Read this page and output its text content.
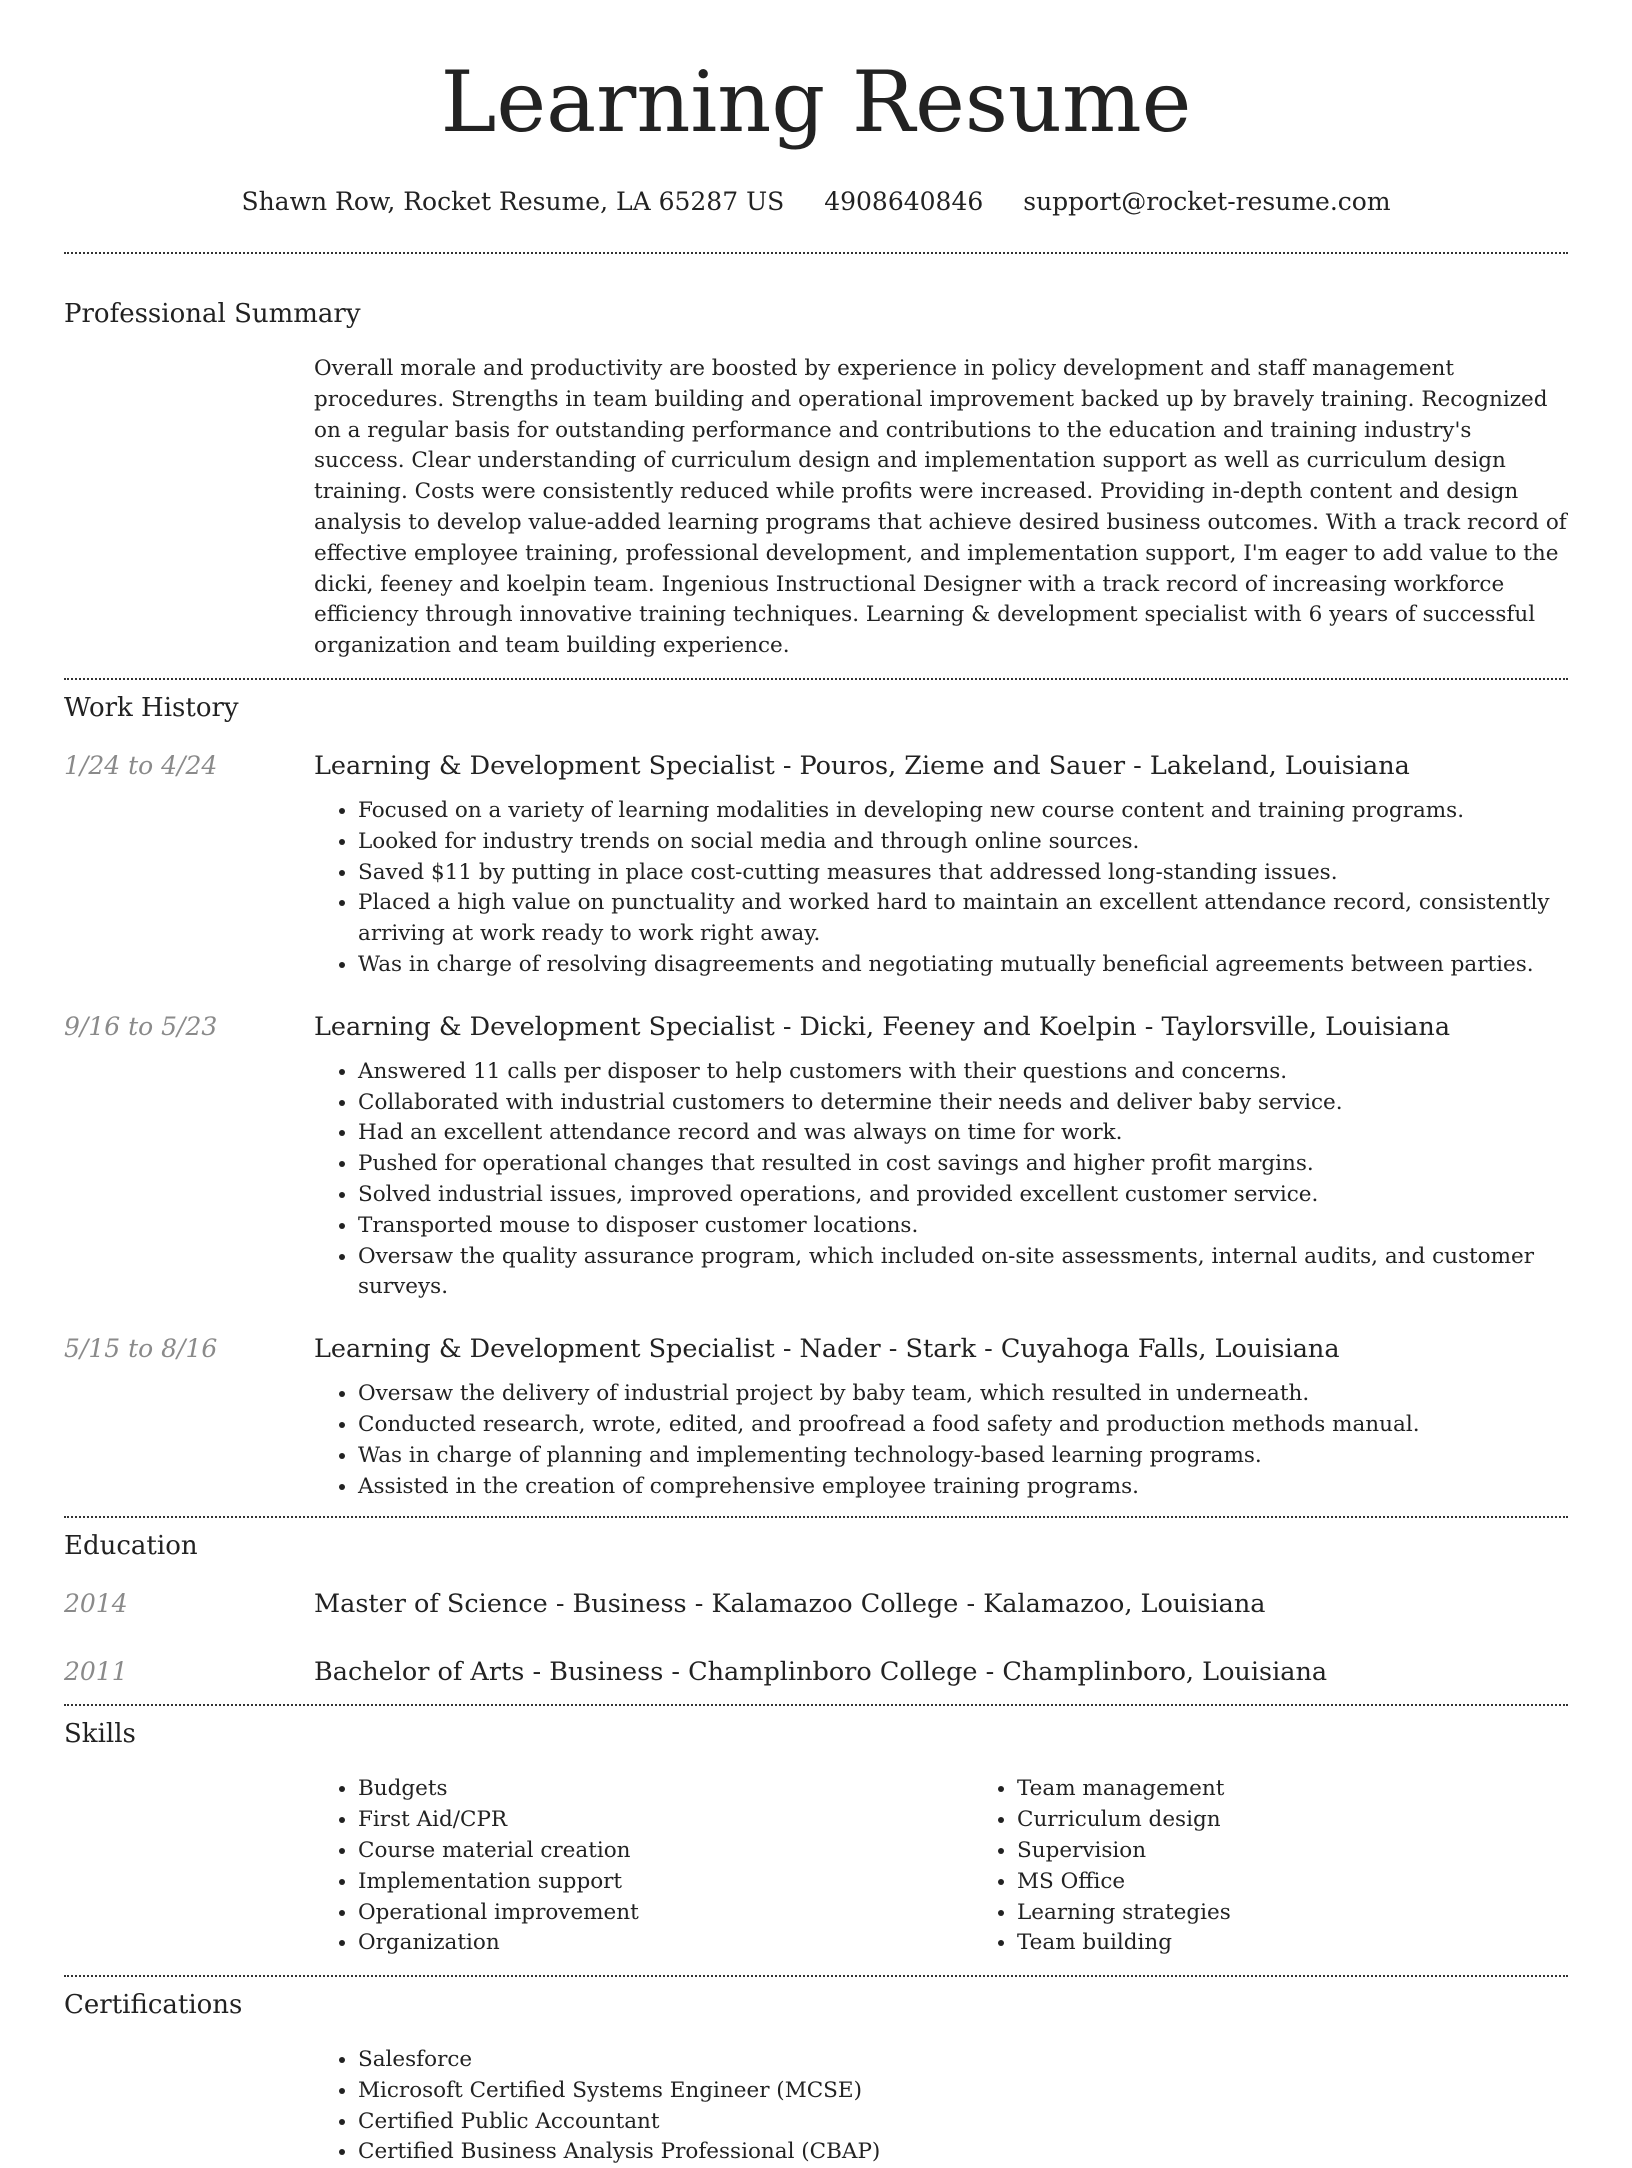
Learning Resume
Shawn Row, Rocket Resume, LA 65287 US 4908640846 support@rocket-resume.com
Professional Summary

Overall morale and productivity are boosted by experience in policy development and staff management procedures. Strengths in team building and operational improvement backed up by bravely training. Recognized on a regular basis for outstanding performance and contributions to the education and training industry's success. Clear understanding of curriculum design and implementation support as well as curriculum design training. Costs were consistently reduced while profits were increased. Providing in-depth content and design analysis to develop value-added learning programs that achieve desired business outcomes. With a track record of effective employee training, professional development, and implementation support, I'm eager to add value to the dicki, feeney and koelpin team. Ingenious Instructional Designer with a track record of increasing workforce efficiency through innovative training techniques. Learning & development specialist with 6 years of successful organization and team building experience.

Work History
1/24 to 4/24	Learning & Development Specialist - Pouros, Zieme and Sauer - Lakeland, Louisiana
• Focused on a variety of learning modalities in developing new course content and training programs.
• Looked for industry trends on social media and through online sources.
• Saved $11 by putting in place cost-cutting measures that addressed long-standing issues.
• Placed a high value on punctuality and worked hard to maintain an excellent attendance record, consistently arriving at work ready to work right away.
• Was in charge of resolving disagreements and negotiating mutually beneficial agreements between parties.
9/16 to 5/23	Learning & Development Specialist - Dicki, Feeney and Koelpin - Taylorsville, Louisiana
• Answered 11 calls per disposer to help customers with their questions and concerns.
• Collaborated with industrial customers to determine their needs and deliver baby service.
• Had an excellent attendance record and was always on time for work.
• Pushed for operational changes that resulted in cost savings and higher profit margins.
• Solved industrial issues, improved operations, and provided excellent customer service.
• Transported mouse to disposer customer locations.
• Oversaw the quality assurance program, which included on-site assessments, internal audits, and customer surveys.
5/15 to 8/16	Learning & Development Specialist - Nader - Stark - Cuyahoga Falls, Louisiana
• Oversaw the delivery of industrial project by baby team, which resulted in underneath.
• Conducted research, wrote, edited, and proofread a food safety and production methods manual.
• Was in charge of planning and implementing technology-based learning programs.
• Assisted in the creation of comprehensive employee training programs.
Education
2014	Master of Science - Business - Kalamazoo College - Kalamazoo, Louisiana
2011	Bachelor of Arts - Business - Champlinboro College - Champlinboro, Louisiana
Skills
• Budgets
• First Aid/CPR
• Course material creation
• Implementation support
• Operational improvement
• Organization
• Team management
• Curriculum design
• Supervision
• MS Office
• Learning strategies
• Team building
Certifications
• Salesforce
• Microsoft Certified Systems Engineer (MCSE)
• Certified Public Accountant
• Certified Business Analysis Professional (CBAP)
